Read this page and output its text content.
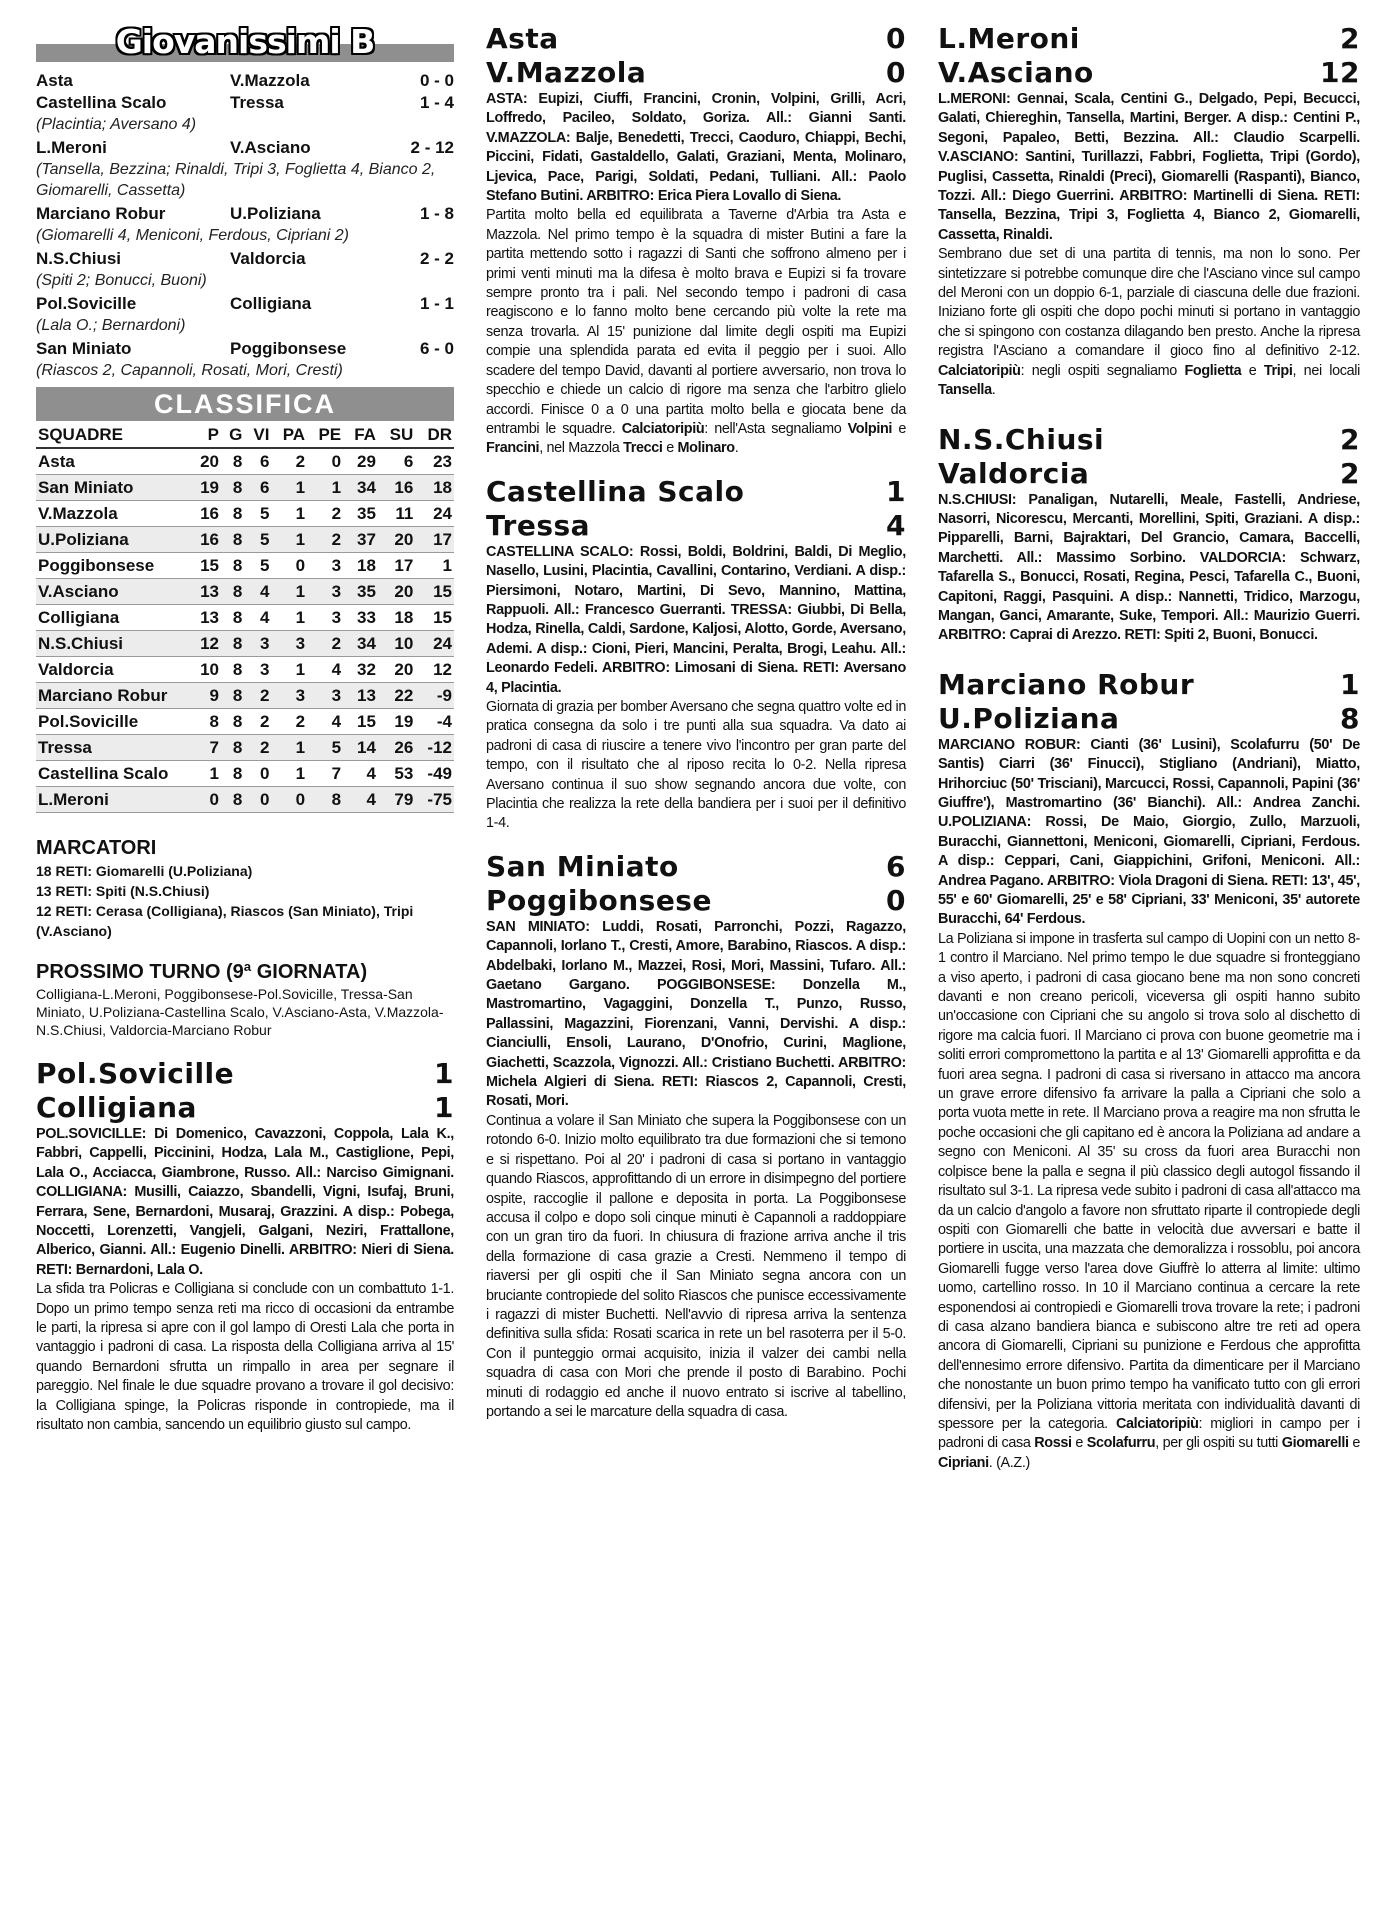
Giovanissimi B
Asta	V.Mazzola	0 - 0
Castellina Scalo	Tressa	1 - 4
(Placintia; Aversano 4)
L.Meroni	V.Asciano	2 - 12
(Tansella, Bezzina; Rinaldi, Tripi 3, Foglietta 4, Bianco 2, Giomarelli, Cassetta)
Marciano Robur	U.Poliziana	1 - 8
(Giomarelli 4, Meniconi, Ferdous, Cipriani 2)
N.S.Chiusi	Valdorcia	2 - 2
(Spiti 2; Bonucci, Buoni)
Pol.Sovicille	Colligiana	1 - 1
(Lala O.; Bernardoni)
San Miniato	Poggibonsese	6 - 0
(Riascos 2, Capannoli, Rosati, Mori, Cresti)
CLASSIFICA
SQUADRE	P	G	VI	PA	PE	FA	SU	DR
Asta	20	8	6	2	0	29	6	23
San Miniato	19	8	6	1	1	34	16	18
V.Mazzola	16	8	5	1	2	35	11	24
U.Poliziana	16	8	5	1	2	37	20	17
Poggibonsese	15	8	5	0	3	18	17	1
V.Asciano	13	8	4	1	3	35	20	15
Colligiana	13	8	4	1	3	33	18	15
N.S.Chiusi	12	8	3	3	2	34	10	24
Valdorcia	10	8	3	1	4	32	20	12
Marciano Robur	9	8	2	3	3	13	22	-9
Pol.Sovicille	8	8	2	2	4	15	19	-4
Tressa	7	8	2	1	5	14	26	-12
Castellina Scalo	1	8	0	1	7	4	53	-49
L.Meroni	0	8	0	0	8	4	79	-75
MARCATORI
18 RETI: Giomarelli (U.Poliziana)
13 RETI: Spiti (N.S.Chiusi)
12 RETI: Cerasa (Colligiana), Riascos (San Miniato), Tripi (V.Asciano)
PROSSIMO TURNO (9ª GIORNATA)
Colligiana-L.Meroni, Poggibonsese-Pol.Sovicille, Tressa-San Miniato, U.Poliziana-Castellina Scalo, V.Asciano-Asta, V.Mazzola-N.S.Chiusi, Valdorcia-Marciano Robur
Pol.Sovicille	1
Colligiana	1
POL.SOVICILLE: Di Domenico, Cavazzoni, Coppola, Lala K., Fabbri, Cappelli, Piccinini, Hodza, Lala M., Castiglione, Pepi, Lala O., Acciacca, Giambrone, Russo. All.: Narciso Gimignani. COLLIGIANA: Musilli, Caiazzo, Sbandelli, Vigni, Isufaj, Bruni, Ferrara, Sene, Bernardoni, Musaraj, Grazzini. A disp.: Pobega, Noccetti, Lorenzetti, Vangjeli, Galgani, Neziri, Frattallone, Alberico, Gianni. All.: Eugenio Dinelli. ARBITRO: Nieri di Siena. RETI: Bernardoni, Lala O.
La sfida tra Policras e Colligiana si conclude con un combattuto 1-1. Dopo un primo tempo senza reti ma ricco di occasioni da entrambe le parti, la ripresa si apre con il gol lampo di Oresti Lala che porta in vantaggio i padroni di casa. La risposta della Colligiana arriva al 15' quando Bernardoni sfrutta un rimpallo in area per segnare il pareggio. Nel finale le due squadre provano a trovare il gol decisivo: la Colligiana spinge, la Policras risponde in contropiede, ma il risultato non cambia, sancendo un equilibrio giusto sul campo.
Asta	0
V.Mazzola	0
ASTA: Eupizi, Ciuffi, Francini, Cronin, Volpini, Grilli, Acri, Loffredo, Pacileo, Soldato, Goriza. All.: Gianni Santi. V.MAZZOLA: Balje, Benedetti, Trecci, Caoduro, Chiappi, Bechi, Piccini, Fidati, Gastaldello, Galati, Graziani, Menta, Molinaro, Ljevica, Pace, Parigi, Soldati, Pedani, Tulliani. All.: Paolo Stefano Butini. ARBITRO: Erica Piera Lovallo di Siena.
Partita molto bella ed equilibrata a Taverne d'Arbia tra Asta e Mazzola. Nel primo tempo è la squadra di mister Butini a fare la partita mettendo sotto i ragazzi di Santi che soffrono almeno per i primi venti minuti ma la difesa è molto brava e Eupizi si fa trovare sempre pronto tra i pali. Nel secondo tempo i padroni di casa reagiscono e lo fanno molto bene cercando più volte la rete ma senza trovarla. Al 15' punizione dal limite degli ospiti ma Eupizi compie una splendida parata ed evita il peggio per i suoi. Allo scadere del tempo David, davanti al portiere avversario, non trova lo specchio e chiede un calcio di rigore ma senza che l'arbitro glielo accordi. Finisce 0 a 0 una partita molto bella e giocata bene da entrambi le squadre. Calciatoripiù: nell'Asta segnaliamo Volpini e Francini, nel Mazzola Trecci e Molinaro.
Castellina Scalo	1
Tressa	4
CASTELLINA SCALO: Rossi, Boldi, Boldrini, Baldi, Di Meglio, Nasello, Lusini, Placintia, Cavallini, Contarino, Verdiani. A disp.: Piersimoni, Notaro, Martini, Di Sevo, Mannino, Mattina, Rappuoli. All.: Francesco Guerranti. TRESSA: Giubbi, Di Bella, Hodza, Rinella, Caldi, Sardone, Kaljosi, Alotto, Gorde, Aversano, Ademi. A disp.: Cioni, Pieri, Mancini, Peralta, Brogi, Leahu. All.: Leonardo Fedeli. ARBITRO: Limosani di Siena. RETI: Aversano 4, Placintia.
Giornata di grazia per bomber Aversano che segna quattro volte ed in pratica consegna da solo i tre punti alla sua squadra. Va dato ai padroni di casa di riuscire a tenere vivo l'incontro per gran parte del tempo, con il risultato che al riposo recita lo 0-2. Nella ripresa Aversano continua il suo show segnando ancora due volte, con Placintia che realizza la rete della bandiera per i suoi per il definitivo 1-4.
San Miniato	6
Poggibonsese	0
SAN MINIATO: Luddi, Rosati, Parronchi, Pozzi, Ragazzo, Capannoli, Iorlano T., Cresti, Amore, Barabino, Riascos. A disp.: Abdelbaki, Iorlano M., Mazzei, Rosi, Mori, Massini, Tufaro. All.: Gaetano Gargano. POGGIBONSESE: Donzella M., Mastromartino, Vagaggini, Donzella T., Punzo, Russo, Pallassini, Magazzini, Fiorenzani, Vanni, Dervishi. A disp.: Cianciulli, Ensoli, Laurano, D'Onofrio, Curini, Maglione, Giachetti, Scazzola, Vignozzi. All.: Cristiano Buchetti. ARBITRO: Michela Algieri di Siena. RETI: Riascos 2, Capannoli, Cresti, Rosati, Mori.
Continua a volare il San Miniato che supera la Poggibonsese con un rotondo 6-0. Inizio molto equilibrato tra due formazioni che si temono e si rispettano. Poi al 20' i padroni di casa si portano in vantaggio quando Riascos, approfittando di un errore in disimpegno del portiere ospite, raccoglie il pallone e deposita in porta. La Poggibonsese accusa il colpo e dopo soli cinque minuti è Capannoli a raddoppiare con un gran tiro da fuori. In chiusura di frazione arriva anche il tris della formazione di casa grazie a Cresti. Nemmeno il tempo di riaversi per gli ospiti che il San Miniato segna ancora con un bruciante contropiede del solito Riascos che punisce eccessivamente i ragazzi di mister Buchetti. Nell'avvio di ripresa arriva la sentenza definitiva sulla sfida: Rosati scarica in rete un bel rasoterra per il 5-0. Con il punteggio ormai acquisito, inizia il valzer dei cambi nella squadra di casa con Mori che prende il posto di Barabino. Pochi minuti di rodaggio ed anche il nuovo entrato si iscrive al tabellino, portando a sei le marcature della squadra di casa.
L.Meroni	2
V.Asciano	12
L.MERONI: Gennai, Scala, Centini G., Delgado, Pepi, Becucci, Galati, Chiereghin, Tansella, Martini, Berger. A disp.: Centini P., Segoni, Papaleo, Betti, Bezzina. All.: Claudio Scarpelli. V.ASCIANO: Santini, Turillazzi, Fabbri, Foglietta, Tripi (Gordo), Puglisi, Cassetta, Rinaldi (Preci), Giomarelli (Raspanti), Bianco, Tozzi. All.: Diego Guerrini. ARBITRO: Martinelli di Siena. RETI: Tansella, Bezzina, Tripi 3, Foglietta 4, Bianco 2, Giomarelli, Cassetta, Rinaldi.
Sembrano due set di una partita di tennis, ma non lo sono. Per sintetizzare si potrebbe comunque dire che l'Asciano vince sul campo del Meroni con un doppio 6-1, parziale di ciascuna delle due frazioni. Iniziano forte gli ospiti che dopo pochi minuti si portano in vantaggio che si spingono con costanza dilagando ben presto. Anche la ripresa registra l'Asciano a comandare il gioco fino al definitivo 2-12. Calciatoripiù: negli ospiti segnaliamo Foglietta e Tripi, nei locali Tansella.
N.S.Chiusi	2
Valdorcia	2
N.S.CHIUSI: Panaligan, Nutarelli, Meale, Fastelli, Andriese, Nasorri, Nicorescu, Mercanti, Morellini, Spiti, Graziani. A disp.: Pipparelli, Barni, Bajraktari, Del Grancio, Camara, Baccelli, Marchetti. All.: Massimo Sorbino. VALDORCIA: Schwarz, Tafarella S., Bonucci, Rosati, Regina, Pesci, Tafarella C., Buoni, Capitoni, Raggi, Pasquini. A disp.: Nannetti, Tridico, Marzogu, Mangan, Ganci, Amarante, Suke, Tempori. All.: Maurizio Guerri. ARBITRO: Caprai di Arezzo. RETI: Spiti 2, Buoni, Bonucci.
Marciano Robur	1
U.Poliziana	8
MARCIANO ROBUR: Cianti (36' Lusini), Scolafurru (50' De Santis) Ciarri (36' Finucci), Stigliano (Andriani), Miatto, Hrihorciuc (50' Trisciani), Marcucci, Rossi, Capannoli, Papini (36' Giuffre'), Mastromartino (36' Bianchi). All.: Andrea Zanchi. U.POLIZIANA: Rossi, De Maio, Giorgio, Zullo, Marzuoli, Buracchi, Giannettoni, Meniconi, Giomarelli, Cipriani, Ferdous. A disp.: Ceppari, Cani, Giappichini, Grifoni, Meniconi. All.: Andrea Pagano. ARBITRO: Viola Dragoni di Siena. RETI: 13', 45', 55' e 60' Giomarelli, 25' e 58' Cipriani, 33' Meniconi, 35' autorete Buracchi, 64' Ferdous.
La Poliziana si impone in trasferta sul campo di Uopini con un netto 8-1 contro il Marciano. Nel primo tempo le due squadre si fronteggiano a viso aperto, i padroni di casa giocano bene ma non sono concreti davanti e non creano pericoli, viceversa gli ospiti hanno subito un'occasione con Cipriani che su angolo si trova solo al dischetto di rigore ma calcia fuori. Il Marciano ci prova con buone geometrie ma i soliti errori compromettono la partita e al 13' Giomarelli approfitta e da fuori area segna. I padroni di casa si riversano in attacco ma ancora un grave errore difensivo fa arrivare la palla a Cipriani che solo a porta vuota mette in rete. Il Marciano prova a reagire ma non sfrutta le poche occasioni che gli capitano ed è ancora la Poliziana ad andare a segno con Meniconi. Al 35' su cross da fuori area Buracchi non colpisce bene la palla e segna il più classico degli autogol fissando il risultato sul 3-1. La ripresa vede subito i padroni di casa all'attacco ma da un calcio d'angolo a favore non sfruttato riparte il contropiede degli ospiti con Giomarelli che batte in velocità due avversari e batte il portiere in uscita, una mazzata che demoralizza i rossoblu, poi ancora Giomarelli fugge verso l'area dove Giuffrè lo atterra al limite: ultimo uomo, cartellino rosso. In 10 il Marciano continua a cercare la rete esponendosi ai contropiedi e Giomarelli trova trovare la rete; i padroni di casa alzano bandiera bianca e subiscono altre tre reti ad opera ancora di Giomarelli, Cipriani su punizione e Ferdous che approfitta dell'ennesimo errore difensivo. Partita da dimenticare per il Marciano che nonostante un buon primo tempo ha vanificato tutto con gli errori difensivi, per la Poliziana vittoria meritata con individualità davanti di spessore per la categoria. Calciatoripiù: migliori in campo per i padroni di casa Rossi e Scolafurru, per gli ospiti su tutti Giomarelli e Cipriani. (A.Z.)
